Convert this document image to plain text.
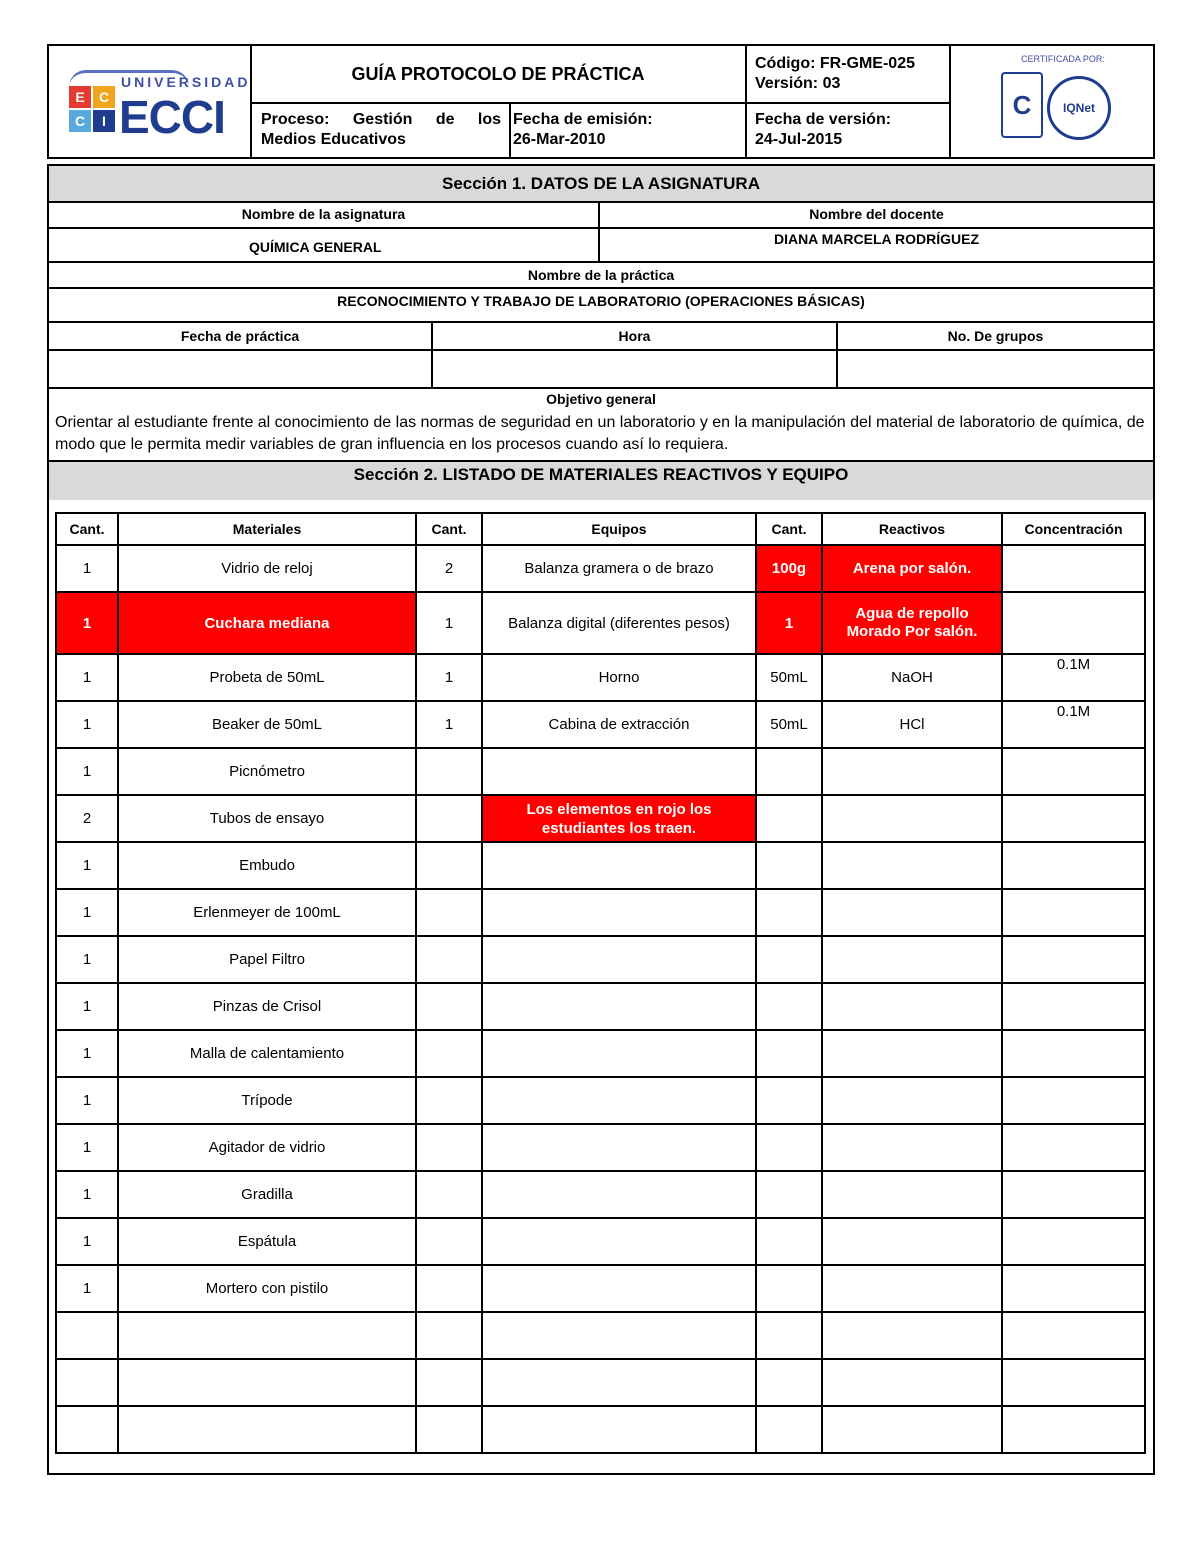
UNIVERSIDAD
E	C
C	I ECCI
GUÍA PROTOCOLO DE PRÁCTICA
Código: FR-GME-025
Versión: 03
Proceso: Gestión de los Medios Educativos
Fecha de emisión:
26-Mar-2010
Fecha de versión:
24-Jul-2015
CERTIFICADA POR:
C	IQNet
Sección 1. DATOS DE LA ASIGNATURA
Nombre de la asignatura	Nombre del docente
QUÍMICA GENERAL	DIANA MARCELA RODRÍGUEZ
Nombre de la práctica
RECONOCIMIENTO Y TRABAJO DE LABORATORIO (OPERACIONES BÁSICAS)
Fecha de práctica	Hora	No. De grupos
Objetivo general
Orientar al estudiante frente al conocimiento de las normas de seguridad en un laboratorio y en la manipulación del material de laboratorio de química, de modo que le permita medir variables de gran influencia en los procesos cuando así lo requiera.
Sección 2. LISTADO DE MATERIALES REACTIVOS Y EQUIPO
Cant.	Materiales	Cant.	Equipos	Cant.	Reactivos	Concentración
1	Vidrio de reloj	2	Balanza gramera o de brazo	100g	Arena por salón.	
1	Cuchara mediana	1	Balanza digital (diferentes pesos)	1	Agua de repollo Morado Por salón.	
1	Probeta de 50mL	1	Horno	50mL	NaOH	0.1M
1	Beaker de 50mL	1	Cabina de extracción	50mL	HCl	0.1M
1	Picnómetro					
2	Tubos de ensayo		Los elementos en rojo los estudiantes los traen.			
1	Embudo					
1	Erlenmeyer de 100mL					
1	Papel Filtro					
1	Pinzas de Crisol					
1	Malla de calentamiento					
1	Trípode					
1	Agitador de vidrio					
1	Gradilla					
1	Espátula					
1	Mortero con pistilo					
